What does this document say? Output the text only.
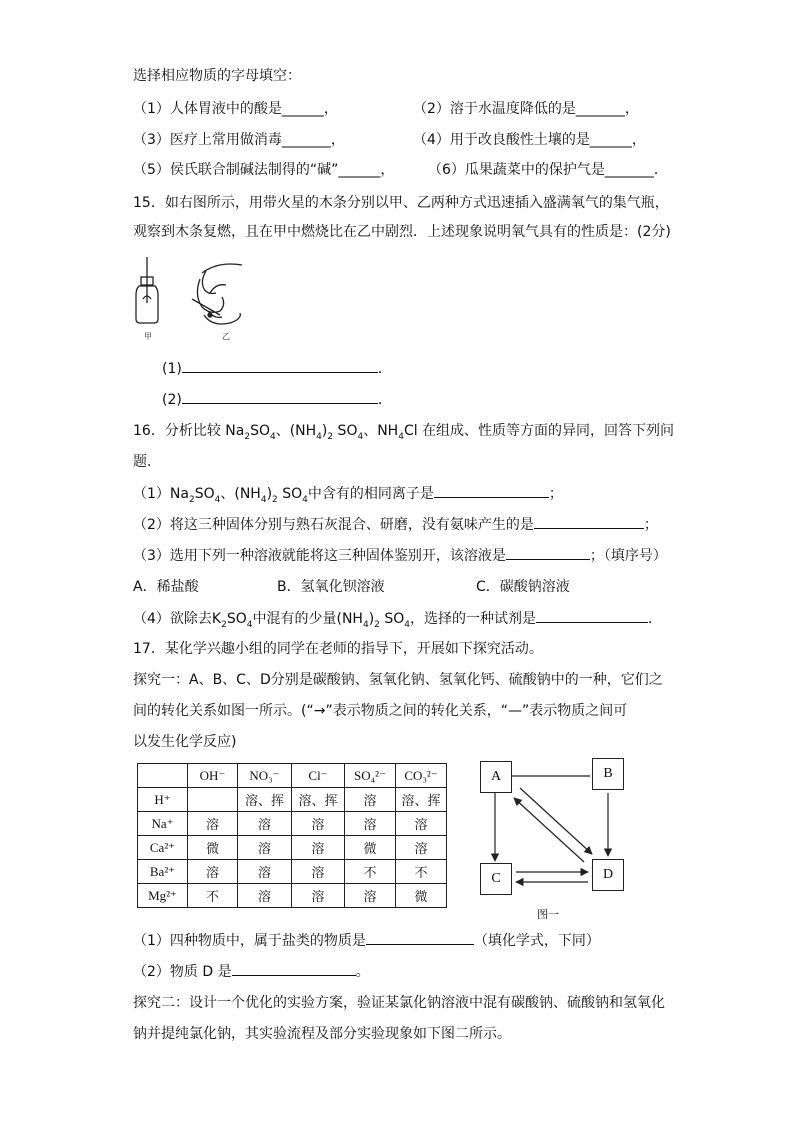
选择相应物质的字母填空：
（1）人体胃液中的酸是______，	（2）溶于水温度降低的是_______，
（3）医疗上常用做消毒_______，	（4）用于改良酸性土壤的是______，
（5）侯氏联合制碱法制得的“碱”______， （6）瓜果蔬菜中的保护气是_______．
15．如右图所示，用带火星的木条分别以甲、乙两种方式迅速插入盛满氧气的集气瓶，
观察到木条复燃，且在甲中燃烧比在乙中剧烈．上述现象说明氧气具有的性质是：(2分)
甲	乙
(1)	．
(2)	．
16．分析比较 $Na_2SO_4$、$(NH_4)_2$ $SO_4$、$NH_4Cl$ 在组成、性质等方面的异同，回答下列问
题．
$(1)Na_2SO_4$、$(NH_4)_2$ $SO_4$中含有的相同离子是	；
（2）将这三种固体分别与熟石灰混合、研磨，没有氨味产生的是	；
（3）选用下列一种溶液就能将这三种固体鉴别开，该溶液是	；（填序号）
A．稀盐酸	B．氢氧化钡溶液	C．碳酸钠溶液
（4）欲除去$K_2SO_4$中混有的少量$(NH_4)_2$ $SO_4$，选择的一种试剂是	．
17．某化学兴趣小组的同学在老师的指导下，开展如下探究活动。
探究一：A、B、C、D分别是碳酸钠、氢氧化钠、氢氧化钙、硫酸钠中的一种，它们之
间的转化关系如图一所示。(“→”表示物质之间的转化关系，“—”表示物质之间可
以发生化学反应)
	OH⁻	NO₃⁻	Cl⁻	SO₄²⁻	CO₃²⁻
H⁺		溶、挥	溶、挥	溶	溶、挥
Na⁺	溶	溶	溶	溶	溶
Ca²⁺	微	溶	溶	微	溶
Ba²⁺	溶	溶	溶	不	不
Mg²⁺	不	溶	溶	溶	微
A	B
C	D
图一
（1）四种物质中，属于盐类的物质是	（填化学式，下同）
（2）物质 D 是	。
探究二：设计一个优化的实验方案，验证某氯化钠溶液中混有碳酸钠、硫酸钠和氢氧化
钠并提纯氯化钠，其实验流程及部分实验现象如下图二所示。
